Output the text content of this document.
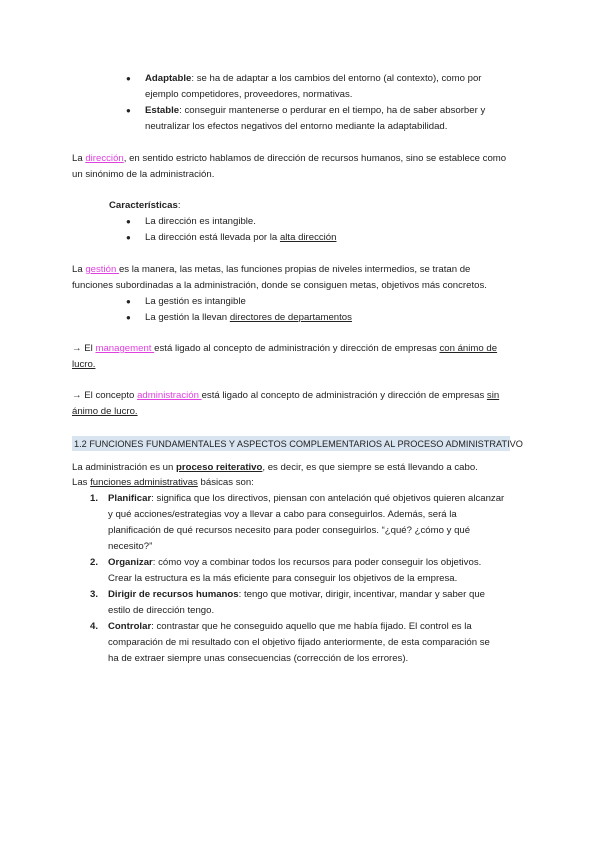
● Adaptable: se ha de adaptar a los cambios del entorno (al contexto), como por
ejemplo competidores, proveedores, normativas.
● Estable: conseguir mantenerse o perdurar en el tiempo, ha de saber absorber y
neutralizar los efectos negativos del entorno mediante la adaptabilidad.
La dirección, en sentido estricto hablamos de dirección de recursos humanos, sino se establece como
un sinónimo de la administración.
Características:
● La dirección es intangible.
● La dirección está llevada por la alta dirección
La gestión es la manera, las metas, las funciones propias de niveles intermedios, se tratan de
funciones subordinadas a la administración, donde se consiguen metas, objetivos más concretos.
● La gestión es intangible
● La gestión la llevan directores de departamentos
→ El management está ligado al concepto de administración y dirección de empresas con ánimo de
lucro.
→ El concepto administración está ligado al concepto de administración y dirección de empresas sin
ánimo de lucro.
1.2 FUNCIONES FUNDAMENTALES Y ASPECTOS COMPLEMENTARIOS AL PROCESO ADMINISTRATIVO
La administración es un proceso reiterativo, es decir, es que siempre se está llevando a cabo.
Las funciones administrativas básicas son:
1. Planificar: significa que los directivos, piensan con antelación qué objetivos quieren alcanzar
y qué acciones/estrategias voy a llevar a cabo para conseguirlos. Además, será la
planificación de qué recursos necesito para poder conseguirlos. “¿qué? ¿cómo y qué
necesito?”
2. Organizar: cómo voy a combinar todos los recursos para poder conseguir los objetivos.
Crear la estructura es la más eficiente para conseguir los objetivos de la empresa.
3. Dirigir de recursos humanos: tengo que motivar, dirigir, incentivar, mandar y saber que
estilo de dirección tengo.
4. Controlar: contrastar que he conseguido aquello que me había fijado. El control es la
comparación de mi resultado con el objetivo fijado anteriormente, de esta comparación se
ha de extraer siempre unas consecuencias (corrección de los errores).
